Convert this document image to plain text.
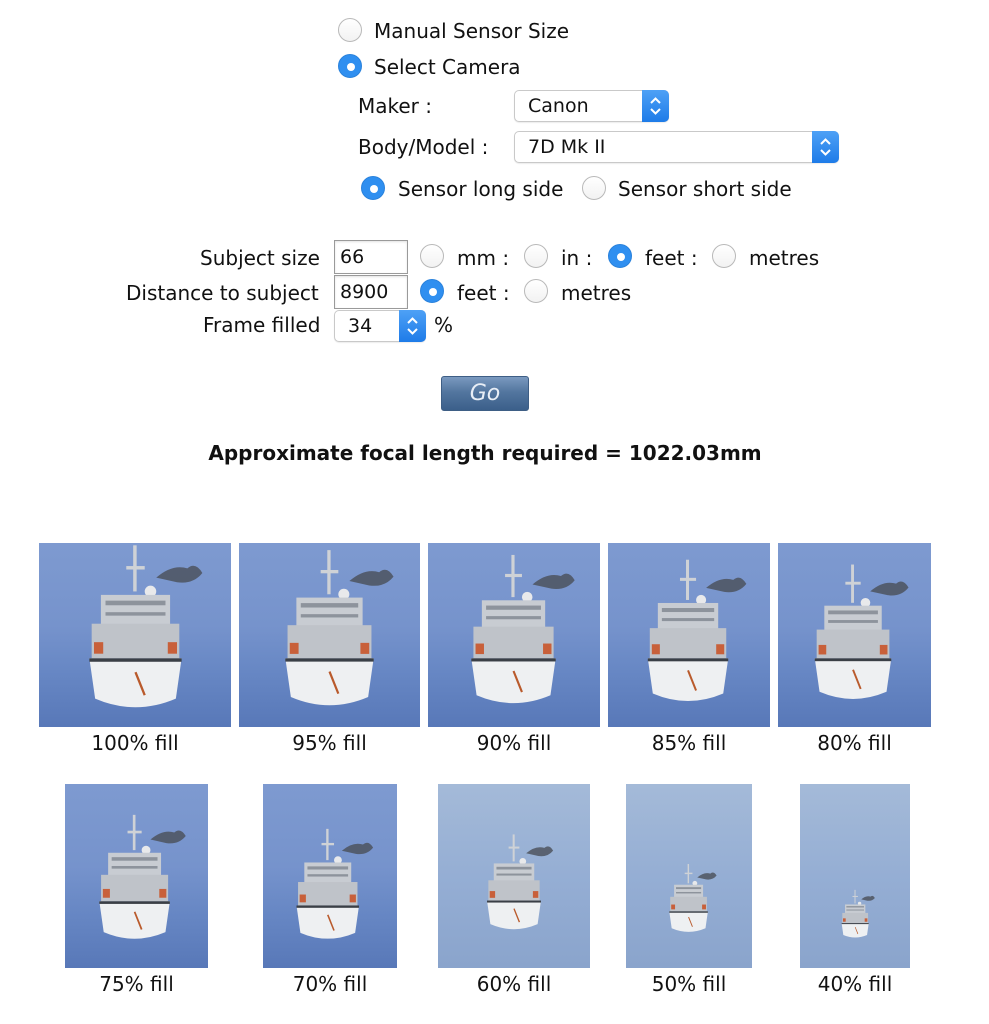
Manual Sensor Size
Select Camera
Maker :	Canon
Body/Model :	7D Mk II
Sensor long side	Sensor short side
Subject size	66	mm :	in :	feet :	metres
Distance to subject	8900	feet :	metres
Frame filled	34	%
Go
Approximate focal length required = 1022.03mm
100% fill	95% fill	90% fill	85% fill	80% fill
75% fill	70% fill	60% fill	50% fill	40% fill
